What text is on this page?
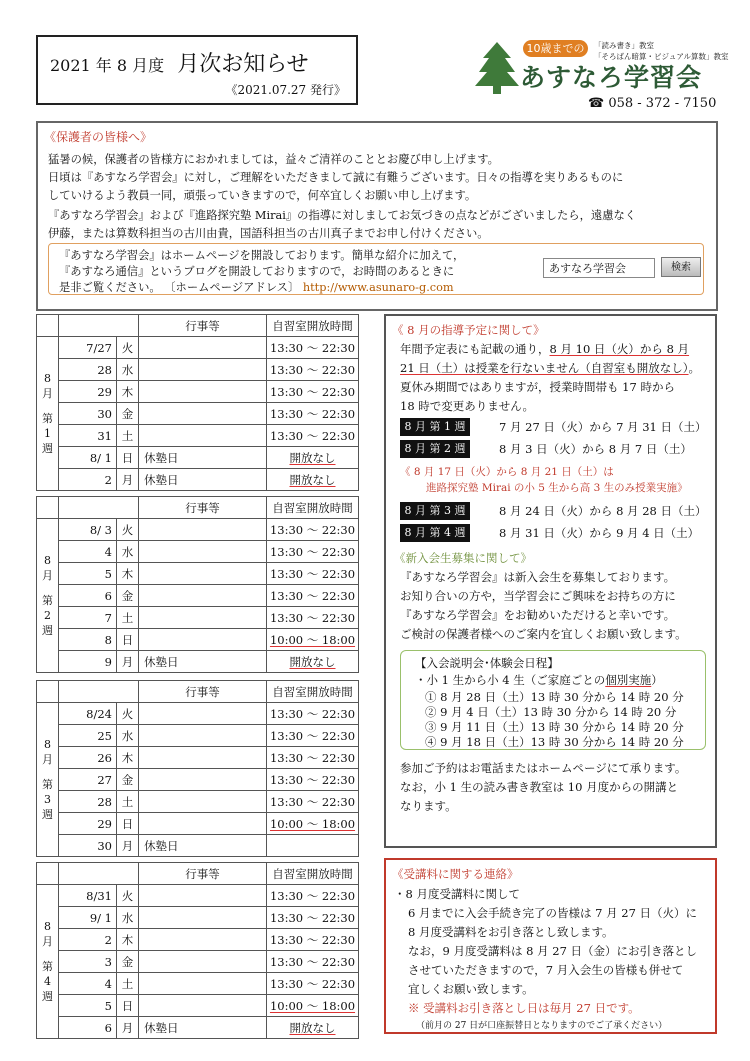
2021 年 8 月度 月次お知らせ
《2021.07.27 発行》
10歳までの	「読み書き」教室
「そろばん暗算・ビジュアル算数」教室
あすなろ学習会
☎ 058 - 372 - 7150
《保護者の皆様へ》
猛暑の候，保護者の皆様方におかれましては，益々ご清祥のこととお慶び申し上げます。
日頃は『あすなろ学習会』に対し，ご理解をいただきまして誠に有難うございます。日々の指導を実りあるものに
していけるよう教員一同，頑張っていきますので，何卒宜しくお願い申し上げます。
『あすなろ学習会』および『進路探究塾 Mirai』の指導に対しましてお気づきの点などがございましたら，遠慮なく
伊藤，または算数科担当の古川由貴，国語科担当の古川真子までお申し付けください。
『あすなろ学習会』はホームページを開設しております。簡単な紹介に加えて，
『あすなろ通信』というブログを開設しておりますので，お時間のあるときに
是非ご覧ください。 〔ホームページアドレス〕 http://www.asunaro-g.com
あすなろ学習会	検索
			行事等	自習室開放時間

8
月
第
1
週	7/27	火		13:30 ～ 22:30
	28	水		13:30 ～ 22:30
	29	木		13:30 ～ 22:30
	30	金		13:30 ～ 22:30
	31	土		13:30 ～ 22:30
	8/ 1	日	休塾日	開放なし
	2	月	休塾日	開放なし
			行事等	自習室開放時間

8
月
第
2
週	8/ 3	火		13:30 ～ 22:30
	4	水		13:30 ～ 22:30
	5	木		13:30 ～ 22:30
	6	金		13:30 ～ 22:30
	7	土		13:30 ～ 22:30
	8	日		10:00 ～ 18:00
	9	月	休塾日	開放なし
			行事等	自習室開放時間

8
月
第
3
週	8/24	火		13:30 ～ 22:30
	25	水		13:30 ～ 22:30
	26	木		13:30 ～ 22:30
	27	金		13:30 ～ 22:30
	28	土		13:30 ～ 22:30
	29	日		10:00 ～ 18:00
	30	月	休塾日	
			行事等	自習室開放時間

8
月
第
4
週	8/31	火		13:30 ～ 22:30
	9/ 1	水		13:30 ～ 22:30
	2	木		13:30 ～ 22:30
	3	金		13:30 ～ 22:30
	4	土		13:30 ～ 22:30
	5	日		10:00 ～ 18:00
	6	月	休塾日	開放なし
《 8 月の指導予定に関して》
年間予定表にも記載の通り，8 月 10 日（火）から 8 月
21 日（土）は授業を行ないません（自習室も開放なし）。
夏休み期間ではありますが，授業時間帯も 17 時から
18 時で変更ありません。
8 月 第 1 週	7 月 27 日（火）から 7 月 31 日（土）
8 月 第 2 週	8 月 3 日（火）から 8 月 7 日（土）
《 8 月 17 日（火）から 8 月 21 日（土）は
進路探究塾 Mirai の小 5 生から高 3 生のみ授業実施》
8 月 第 3 週	8 月 24 日（火）から 8 月 28 日（土）
8 月 第 4 週	8 月 31 日（火）から 9 月 4 日（土）
《新入会生募集に関して》
『あすなろ学習会』は新入会生を募集しております。
お知り合いの方や，当学習会にご興味をお持ちの方に
『あすなろ学習会』をお勧めいただけると幸いです。
ご検討の保護者様へのご案内を宜しくお願い致します。
【入会説明会･体験会日程】
・小 1 生から小 4 生（ご家庭ごとの個別実施）
① 8 月 28 日（土）13 時 30 分から 14 時 20 分
② 9 月 4 日（土）13 時 30 分から 14 時 20 分
③ 9 月 11 日（土）13 時 30 分から 14 時 20 分
④ 9 月 18 日（土）13 時 30 分から 14 時 20 分
参加ご予約はお電話またはホームページにて承ります。
なお，小 1 生の読み書き教室は 10 月度からの開講と
なります。
《受講料に関する連絡》
・8 月度受講料に関して
6 月までに入会手続き完了の皆様は 7 月 27 日（火）に
8 月度受講料をお引き落とし致します。
なお，9 月度受講料は 8 月 27 日（金）にお引き落とし
させていただきますので，7 月入会生の皆様も併せて
宜しくお願い致します。
※ 受講料お引き落とし日は毎月 27 日です。
（前月の 27 日が口座振替日となりますのでご了承ください）
